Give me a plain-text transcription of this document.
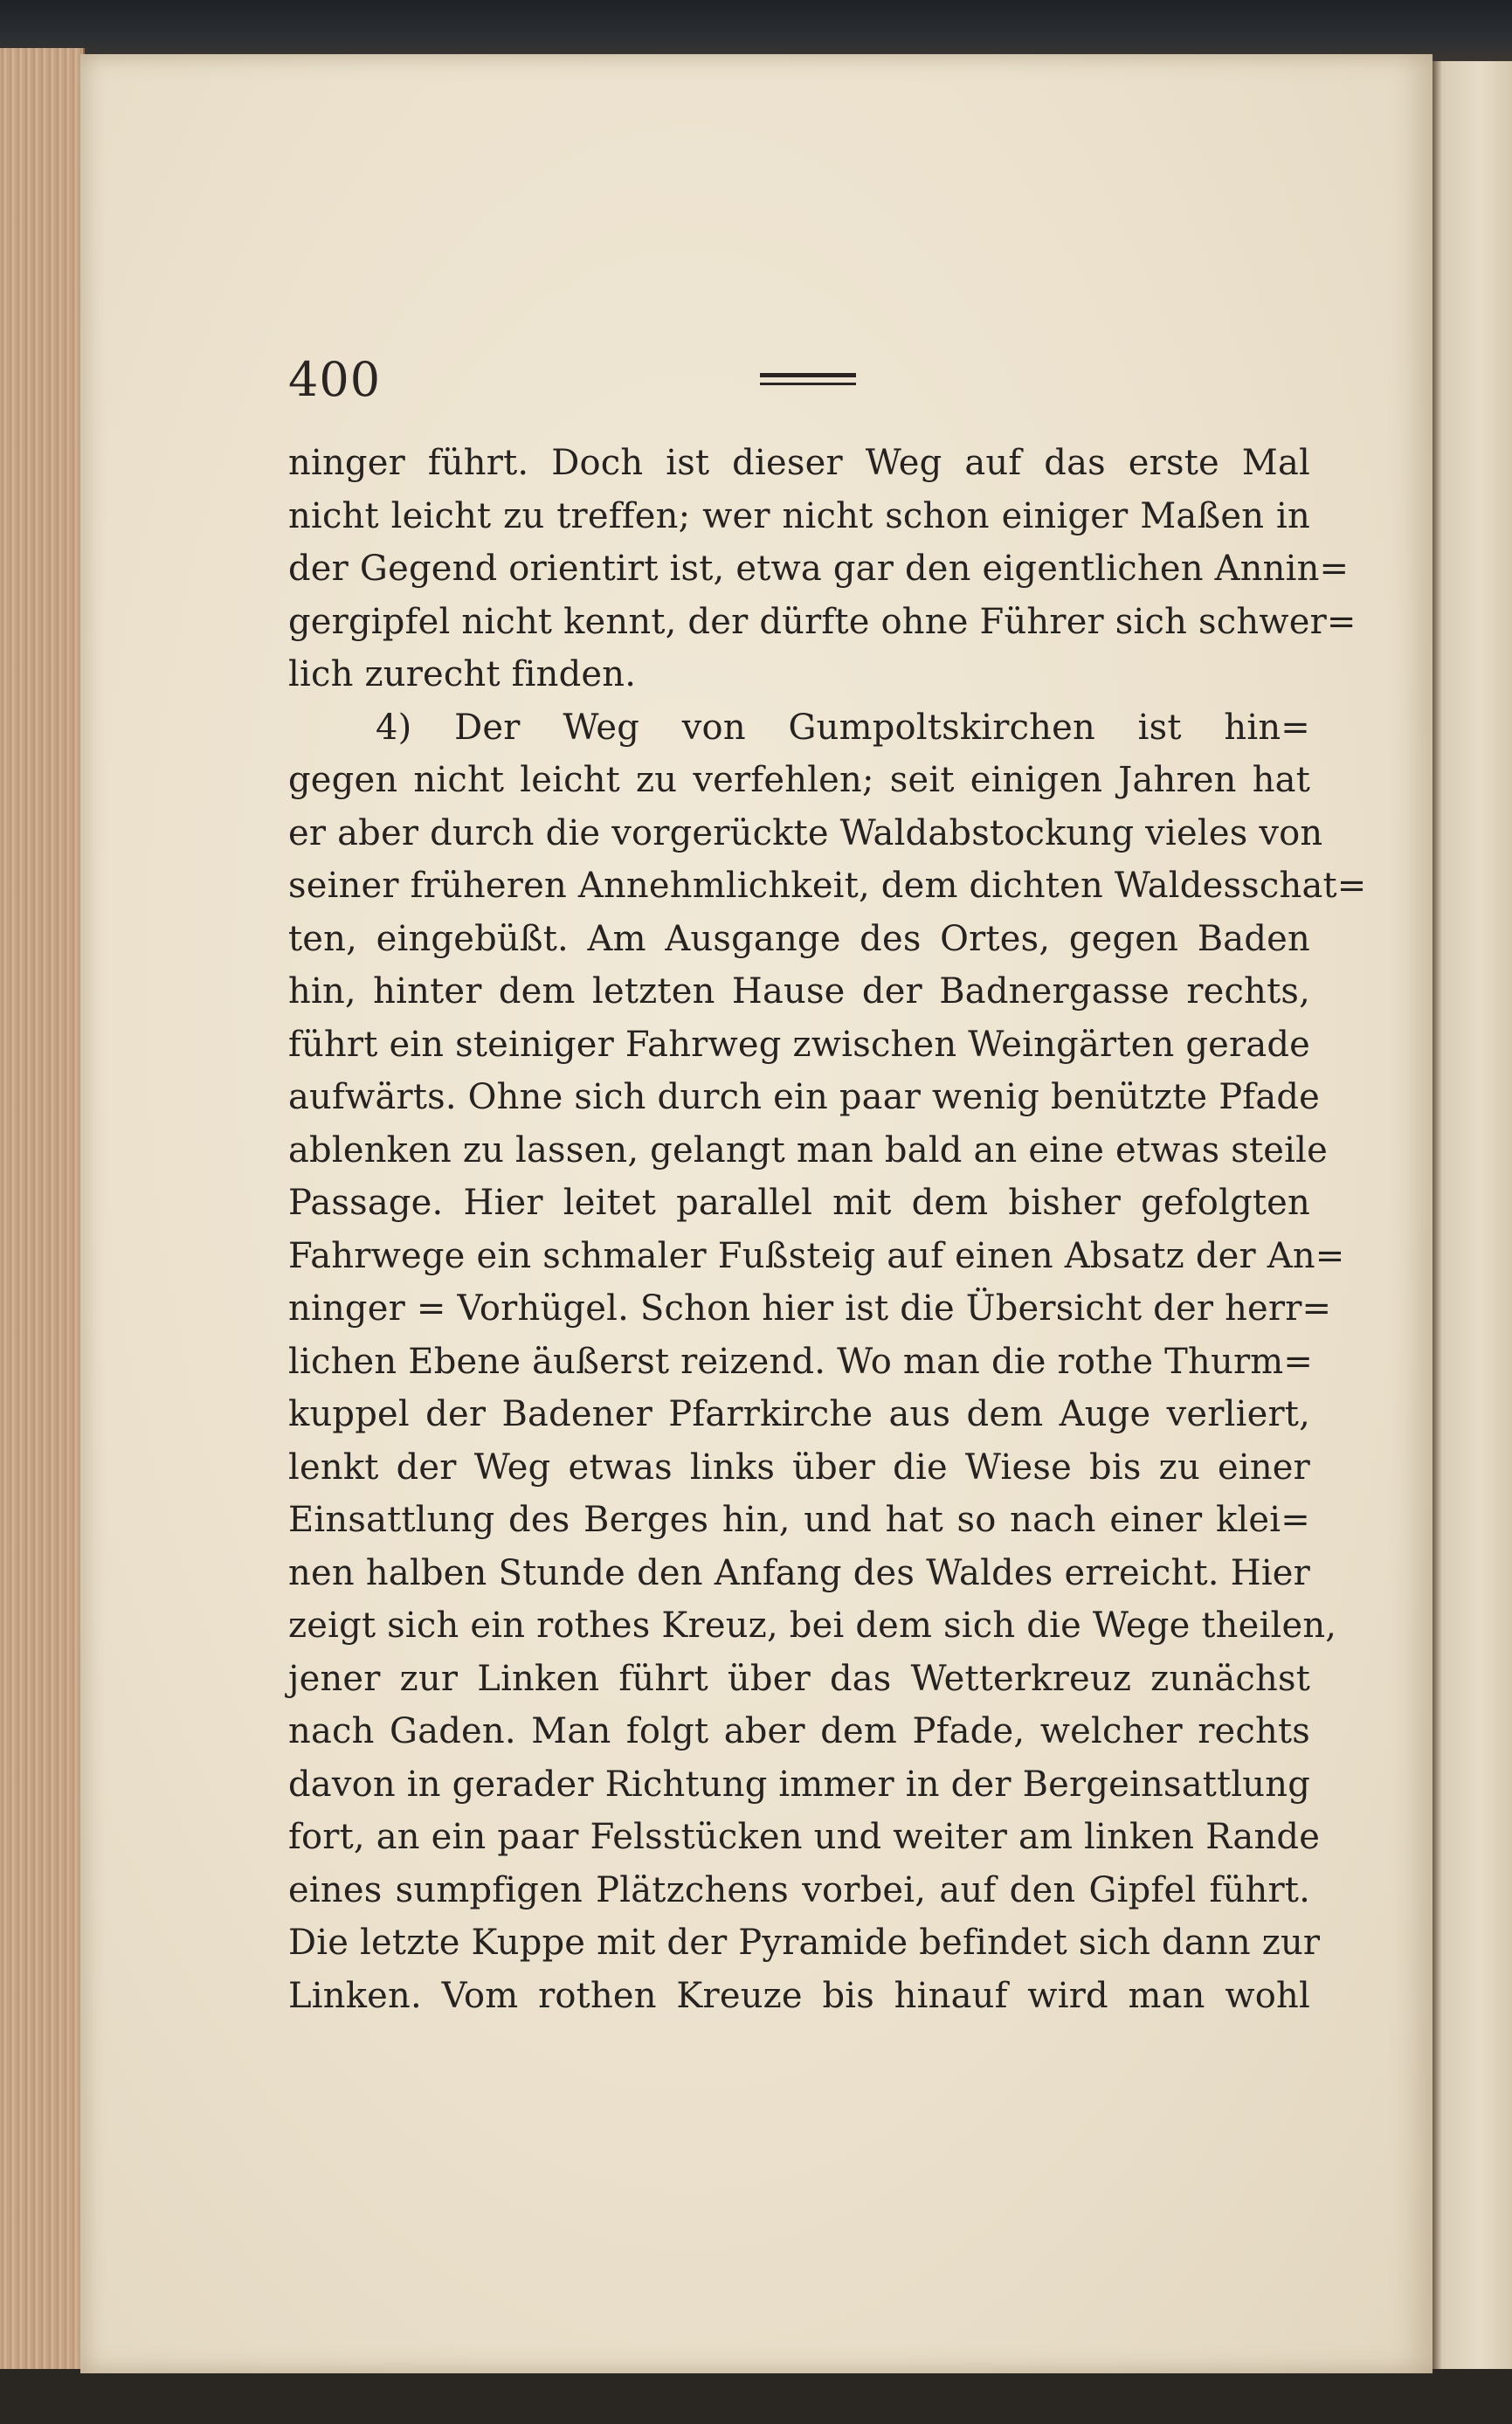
400
ninger führt. Doch ist dieser Weg auf das erste Mal
nicht leicht zu treffen; wer nicht schon einiger Maßen in
der Gegend orientirt ist, etwa gar den eigentlichen Annin=
gergipfel nicht kennt, der dürfte ohne Führer sich schwer=
lich zurecht finden.
4) Der Weg von Gumpoltskirchen ist hin=
gegen nicht leicht zu verfehlen; seit einigen Jahren hat
er aber durch die vorgerückte Waldabstockung vieles von
seiner früheren Annehmlichkeit, dem dichten Waldesschat=
ten, eingebüßt. Am Ausgange des Ortes, gegen Baden
hin, hinter dem letzten Hause der Badnergasse rechts,
führt ein steiniger Fahrweg zwischen Weingärten gerade
aufwärts. Ohne sich durch ein paar wenig benützte Pfade
ablenken zu lassen, gelangt man bald an eine etwas steile
Passage. Hier leitet parallel mit dem bisher gefolgten
Fahrwege ein schmaler Fußsteig auf einen Absatz der An=
ninger = Vorhügel. Schon hier ist die Übersicht der herr=
lichen Ebene äußerst reizend. Wo man die rothe Thurm=
kuppel der Badener Pfarrkirche aus dem Auge verliert,
lenkt der Weg etwas links über die Wiese bis zu einer
Einsattlung des Berges hin, und hat so nach einer klei=
nen halben Stunde den Anfang des Waldes erreicht. Hier
zeigt sich ein rothes Kreuz, bei dem sich die Wege theilen,
jener zur Linken führt über das Wetterkreuz zunächst
nach Gaden. Man folgt aber dem Pfade, welcher rechts
davon in gerader Richtung immer in der Bergeinsattlung
fort, an ein paar Felsstücken und weiter am linken Rande
eines sumpfigen Plätzchens vorbei, auf den Gipfel führt.
Die letzte Kuppe mit der Pyramide befindet sich dann zur
Linken. Vom rothen Kreuze bis hinauf wird man wohl
